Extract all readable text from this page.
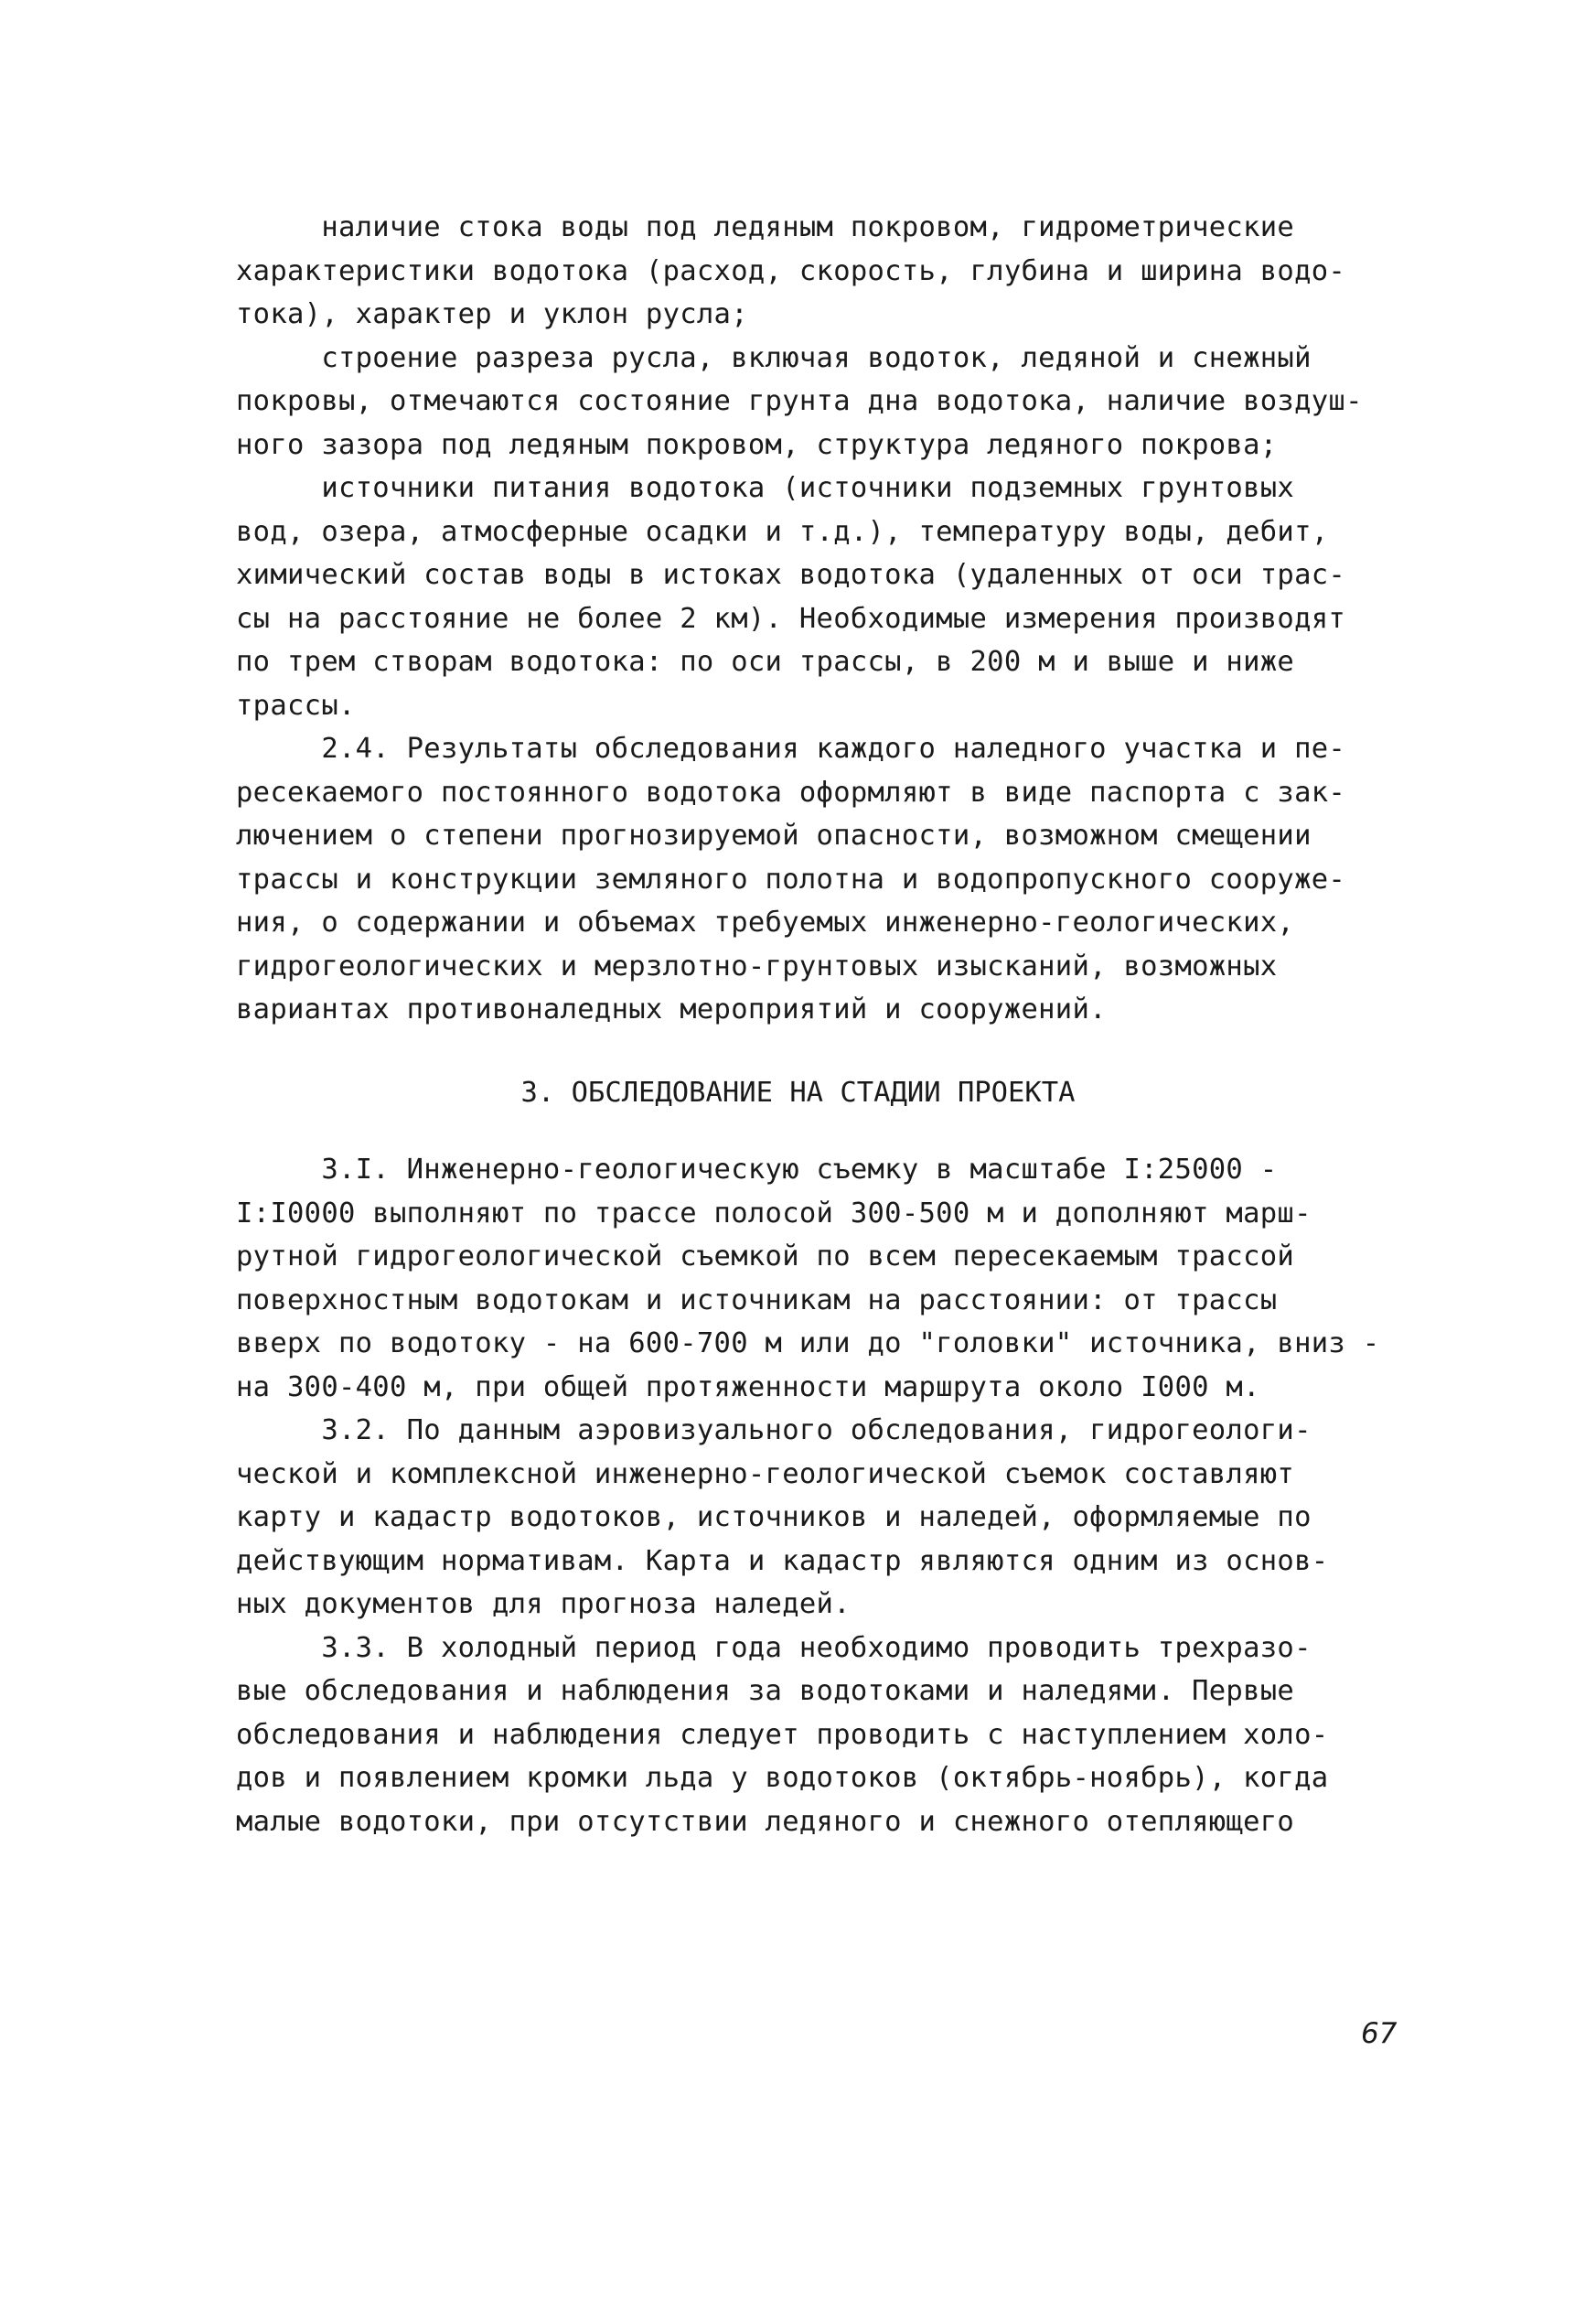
наличие стока воды под ледяным покровом, гидрометрические
характеристики водотока (расход, скорость, глубина и ширина водо-
тока), характер и уклон русла;
строение разреза русла, включая водоток, ледяной и снежный
покровы, отмечаются состояние грунта дна водотока, наличие воздуш-
ного зазора под ледяным покровом, структура ледяного покрова;
источники питания водотока (источники подземных грунтовых
вод, озера, атмосферные осадки и т.д.), температуру воды, дебит,
химический состав воды в истоках водотока (удаленных от оси трас-
сы на расстояние не более 2 км). Необходимые измерения производят
по трем створам водотока: по оси трассы, в 200 м и выше и ниже
трассы.
2.4. Результаты обследования каждого наледного участка и пе-
ресекаемого постоянного водотока оформляют в виде паспорта с зак-
лючением о степени прогнозируемой опасности, возможном смещении
трассы и конструкции земляного полотна и водопропускного сооруже-
ния, о содержании и объемах требуемых инженерно-геологических,
гидрогеологических и мерзлотно-грунтовых изысканий, возможных
вариантах противоналедных мероприятий и сооружений.
3. ОБСЛЕДОВАНИЕ НА СТАДИИ ПРОЕКТА
3.I. Инженерно-геологическую съемку в масштабе I:25000 -
I:I0000 выполняют по трассе полосой 300-500 м и дополняют марш-
рутной гидрогеологической съемкой по всем пересекаемым трассой
поверхностным водотокам и источникам на расстоянии: от трассы
вверх по водотоку - на 600-700 м или до "головки" источника, вниз -
на 300-400 м, при общей протяженности маршрута около I000 м.
3.2. По данным аэровизуального обследования, гидрогеологи-
ческой и комплексной инженерно-геологической съемок составляют
карту и кадастр водотоков, источников и наледей, оформляемые по
действующим нормативам. Карта и кадастр являются одним из основ-
ных документов для прогноза наледей.
3.3. В холодный период года необходимо проводить трехразо-
вые обследования и наблюдения за водотоками и наледями. Первые
обследования и наблюдения следует проводить с наступлением холо-
дов и появлением кромки льда у водотоков (октябрь-ноябрь), когда
малые водотоки, при отсутствии ледяного и снежного отепляющего
67
